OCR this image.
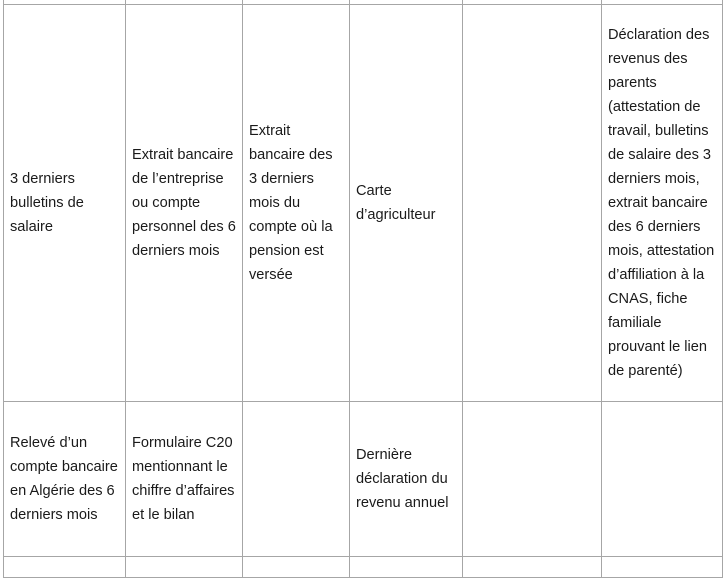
3 derniers bulletins de salaire	Extrait bancaire de l’entreprise ou compte personnel des 6 derniers mois	Extrait bancaire des 3 derniers mois du compte où la pension est versée	Carte d’agriculteur		Déclaration des revenus des parents (attestation de travail, bulletins de salaire des 3 derniers mois, extrait bancaire des 6 derniers mois, attestation d’affiliation à la CNAS, fiche familiale prouvant le lien de parenté)

Relevé d’un compte bancaire en Algérie des 6 derniers mois	Formulaire C20 mentionnant le chiffre d’affaires et le bilan		Dernière déclaration du revenu annuel		
